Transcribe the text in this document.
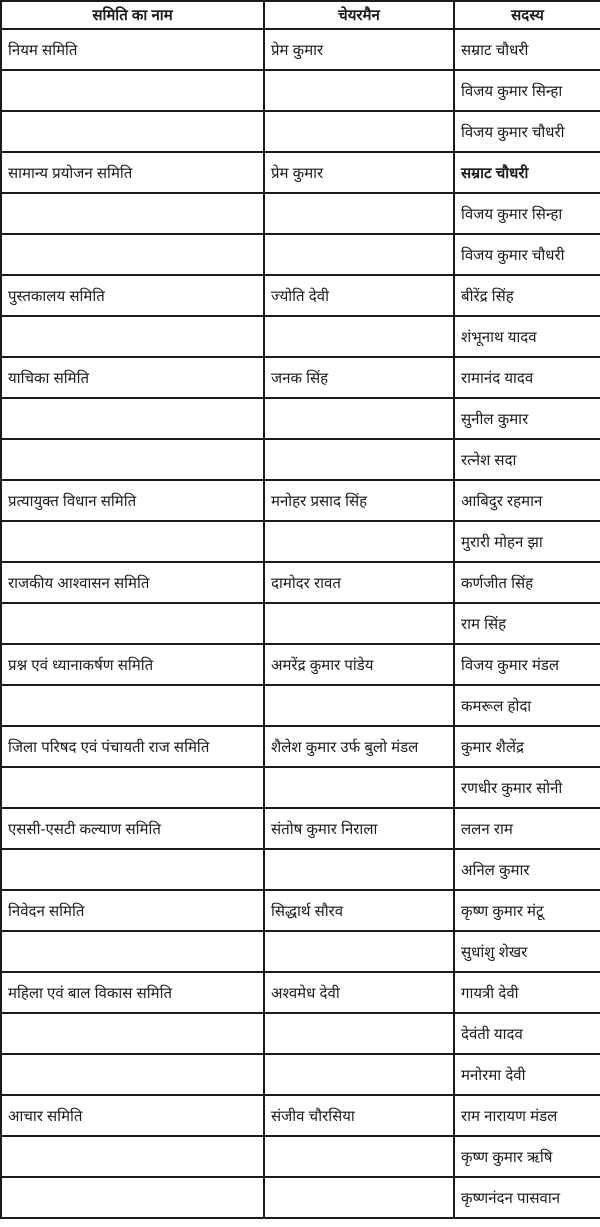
समिति का नाम	चेयरमैन	सदस्य
नियम समिति	प्रेम कुमार	सम्राट चौधरी
		विजय कुमार सिन्हा
		विजय कुमार चौधरी
सामान्य प्रयोजन समिति	प्रेम कुमार	सम्राट चौधरी
		विजय कुमार सिन्हा
		विजय कुमार चौधरी
पुस्तकालय समिति	ज्योति देवी	बीरेंद्र सिंह
		शंभूनाथ यादव
याचिका समिति	जनक सिंह	रामानंद यादव
		सुनील कुमार
		रत्नेश सदा
प्रत्यायुक्त विधान समिति	मनोहर प्रसाद सिंह	आबिदुर रहमान
		मुरारी मोहन झा
राजकीय आश्वासन समिति	दामोदर रावत	कर्णजीत सिंह
		राम सिंह
प्रश्न एवं ध्यानाकर्षण समिति	अमरेंद्र कुमार पांडेय	विजय कुमार मंडल
		कमरूल होदा
जिला परिषद एवं पंचायती राज समिति	शैलेश कुमार उर्फ बुलो मंडल	कुमार शैलेंद्र
		रणधीर कुमार सोनी
एससी-एसटी कल्याण समिति	संतोष कुमार निराला	ललन राम
		अनिल कुमार
निवेदन समिति	सिद्धार्थ सौरव	कृष्ण कुमार मंटू
		सुधांशु शेखर
महिला एवं बाल विकास समिति	अश्वमेध देवी	गायत्री देवी
		देवंती यादव
		मनोरमा देवी
आचार समिति	संजीव चौरसिया	राम नारायण मंडल
		कृष्ण कुमार ऋषि
		कृष्णनंदन पासवान
